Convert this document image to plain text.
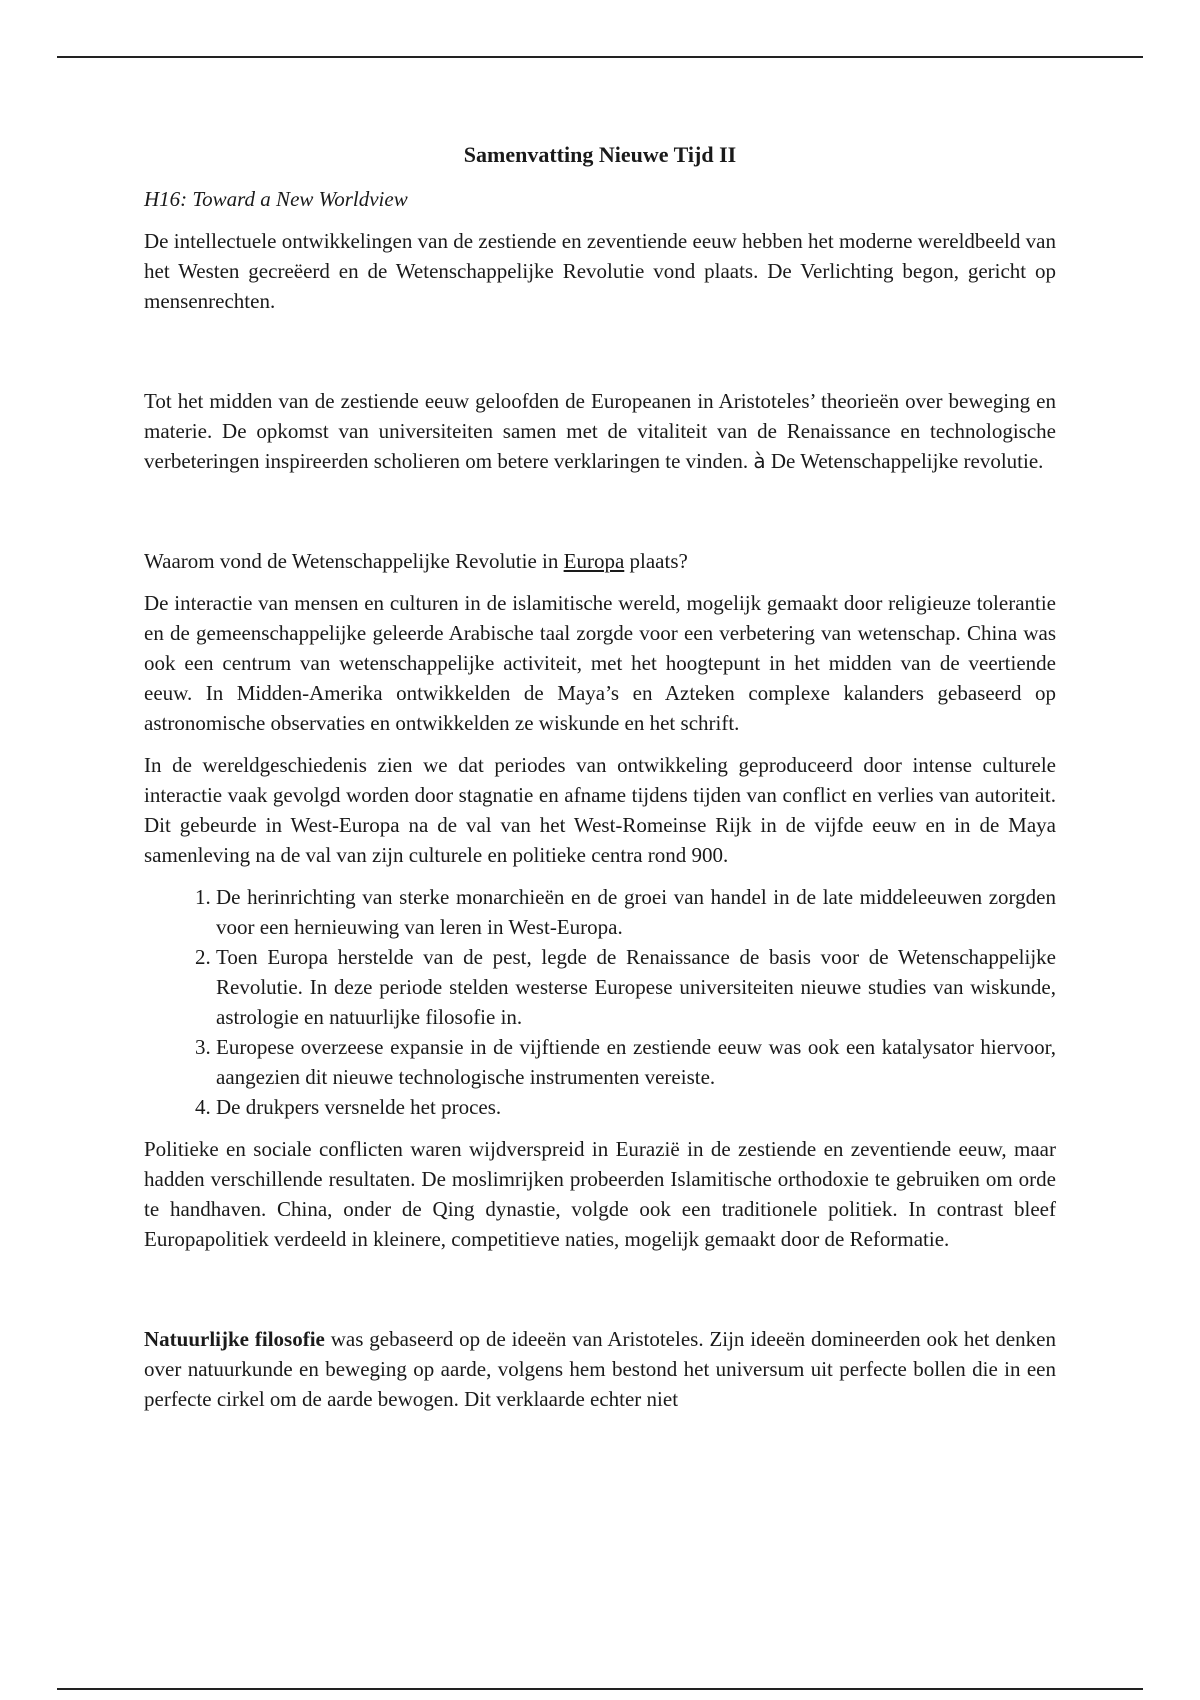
Samenvatting Nieuwe Tijd II
H16: Toward a New Worldview

De intellectuele ontwikkelingen van de zestiende en zeventiende eeuw hebben het moderne wereldbeeld van het Westen gecreëerd en de Wetenschappelijke Revolutie vond plaats. De Verlichting begon, gericht op mensenrechten.

Tot het midden van de zestiende eeuw geloofden de Europeanen in Aristoteles’ theorieën over beweging en materie. De opkomst van universiteiten samen met de vitaliteit van de Renaissance en technologische verbeteringen inspireerden scholieren om betere verklaringen te vinden. à De Wetenschappelijke revolutie.

Waarom vond de Wetenschappelijke Revolutie in Europa plaats?

De interactie van mensen en culturen in de islamitische wereld, mogelijk gemaakt door religieuze tolerantie en de gemeenschappelijke geleerde Arabische taal zorgde voor een verbetering van wetenschap. China was ook een centrum van wetenschappelijke activiteit, met het hoogtepunt in het midden van de veertiende eeuw. In Midden-Amerika ontwikkelden de Maya’s en Azteken complexe kalanders gebaseerd op astronomische observaties en ontwikkelden ze wiskunde en het schrift.

In de wereldgeschiedenis zien we dat periodes van ontwikkeling geproduceerd door intense culturele interactie vaak gevolgd worden door stagnatie en afname tijdens tijden van conflict en verlies van autoriteit. Dit gebeurde in West-Europa na de val van het West-Romeinse Rijk in de vijfde eeuw en in de Maya samenleving na de val van zijn culturele en politieke centra rond 900.

1. De herinrichting van sterke monarchieën en de groei van handel in de late middeleeuwen zorgden voor een hernieuwing van leren in West-Europa.
2. Toen Europa herstelde van de pest, legde de Renaissance de basis voor de Wetenschappelijke Revolutie. In deze periode stelden westerse Europese universiteiten nieuwe studies van wiskunde, astrologie en natuurlijke filosofie in.
3. Europese overzeese expansie in de vijftiende en zestiende eeuw was ook een katalysator hiervoor, aangezien dit nieuwe technologische instrumenten vereiste.
4. De drukpers versnelde het proces.

Politieke en sociale conflicten waren wijdverspreid in Eurazië in de zestiende en zeventiende eeuw, maar hadden verschillende resultaten. De moslimrijken probeerden Islamitische orthodoxie te gebruiken om orde te handhaven. China, onder de Qing dynastie, volgde ook een traditionele politiek. In contrast bleef Europapolitiek verdeeld in kleinere, competitieve naties, mogelijk gemaakt door de Reformatie.

Natuurlijke filosofie was gebaseerd op de ideeën van Aristoteles. Zijn ideeën domineerden ook het denken over natuurkunde en beweging op aarde, volgens hem bestond het universum uit perfecte bollen die in een perfecte cirkel om de aarde bewogen. Dit verklaarde echter niet
